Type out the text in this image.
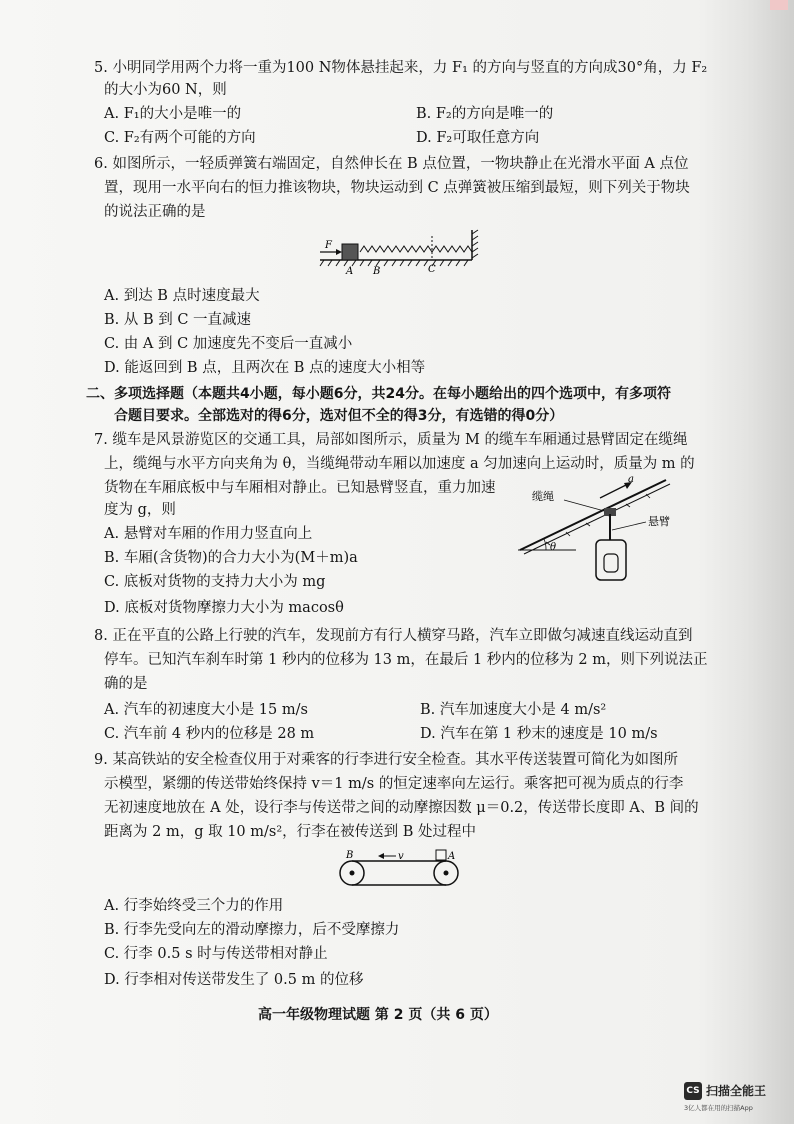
5. 小明同学用两个力将一重为100 N物体悬挂起来，力 F₁ 的方向与竖直的方向成30°角，力 F₂
的大小为60 N，则
A. F₁的大小是唯一的	B. F₂的方向是唯一的
C. F₂有两个可能的方向	D. F₂可取任意方向
6. 如图所示，一轻质弹簧右端固定，自然伸长在 B 点位置，一物块静止在光滑水平面 A 点位
置，现用一水平向右的恒力推该物块，物块运动到 C 点弹簧被压缩到最短，则下列关于物块
的说法正确的是
F
A B	C
A. 到达 B 点时速度最大
B. 从 B 到 C 一直减速
C. 由 A 到 C 加速度先不变后一直减小
D. 能返回到 B 点，且两次在 B 点的速度大小相等
二、多项选择题（本题共4小题，每小题6分，共24分。在每小题给出的四个选项中，有多项符
合题目要求。全部选对的得6分，选对但不全的得3分，有选错的得0分）
7. 缆车是风景游览区的交通工具，局部如图所示，质量为 M 的缆车车厢通过悬臂固定在缆绳
上，缆绳与水平方向夹角为 θ，当缆绳带动车厢以加速度 a 匀加速向上运动时，质量为 m 的
货物在车厢底板中与车厢相对静止。已知悬臂竖直，重力加速
度为 g，则
θ
缆绳
a
悬臂
A. 悬臂对车厢的作用力竖直向上
B. 车厢(含货物)的合力大小为(M＋m)a
C. 底板对货物的支持力大小为 mg
D. 底板对货物摩擦力大小为 macosθ
8. 正在平直的公路上行驶的汽车，发现前方有行人横穿马路，汽车立即做匀减速直线运动直到
停车。已知汽车刹车时第 1 秒内的位移为 13 m，在最后 1 秒内的位移为 2 m，则下列说法正
确的是
A. 汽车的初速度大小是 15 m/s	B. 汽车加速度大小是 4 m/s²
C. 汽车前 4 秒内的位移是 28 m	D. 汽车在第 1 秒末的速度是 10 m/s
9. 某高铁站的安全检查仪用于对乘客的行李进行安全检查。其水平传送装置可简化为如图所
示模型，紧绷的传送带始终保持 v＝1 m/s 的恒定速率向左运行。乘客把可视为质点的行李
无初速度地放在 A 处，设行李与传送带之间的动摩擦因数 μ＝0.2，传送带长度即 A、B 间的
距离为 2 m，g 取 10 m/s²，行李在被传送到 B 处过程中
B	v	A
A. 行李始终受三个力的作用
B. 行李先受向左的滑动摩擦力，后不受摩擦力
C. 行李 0.5 s 时与传送带相对静止
D. 行李相对传送带发生了 0.5 m 的位移
高一年级物理试题 第 2 页（共 6 页）
CS 扫描全能王
3亿人都在用的扫描App
